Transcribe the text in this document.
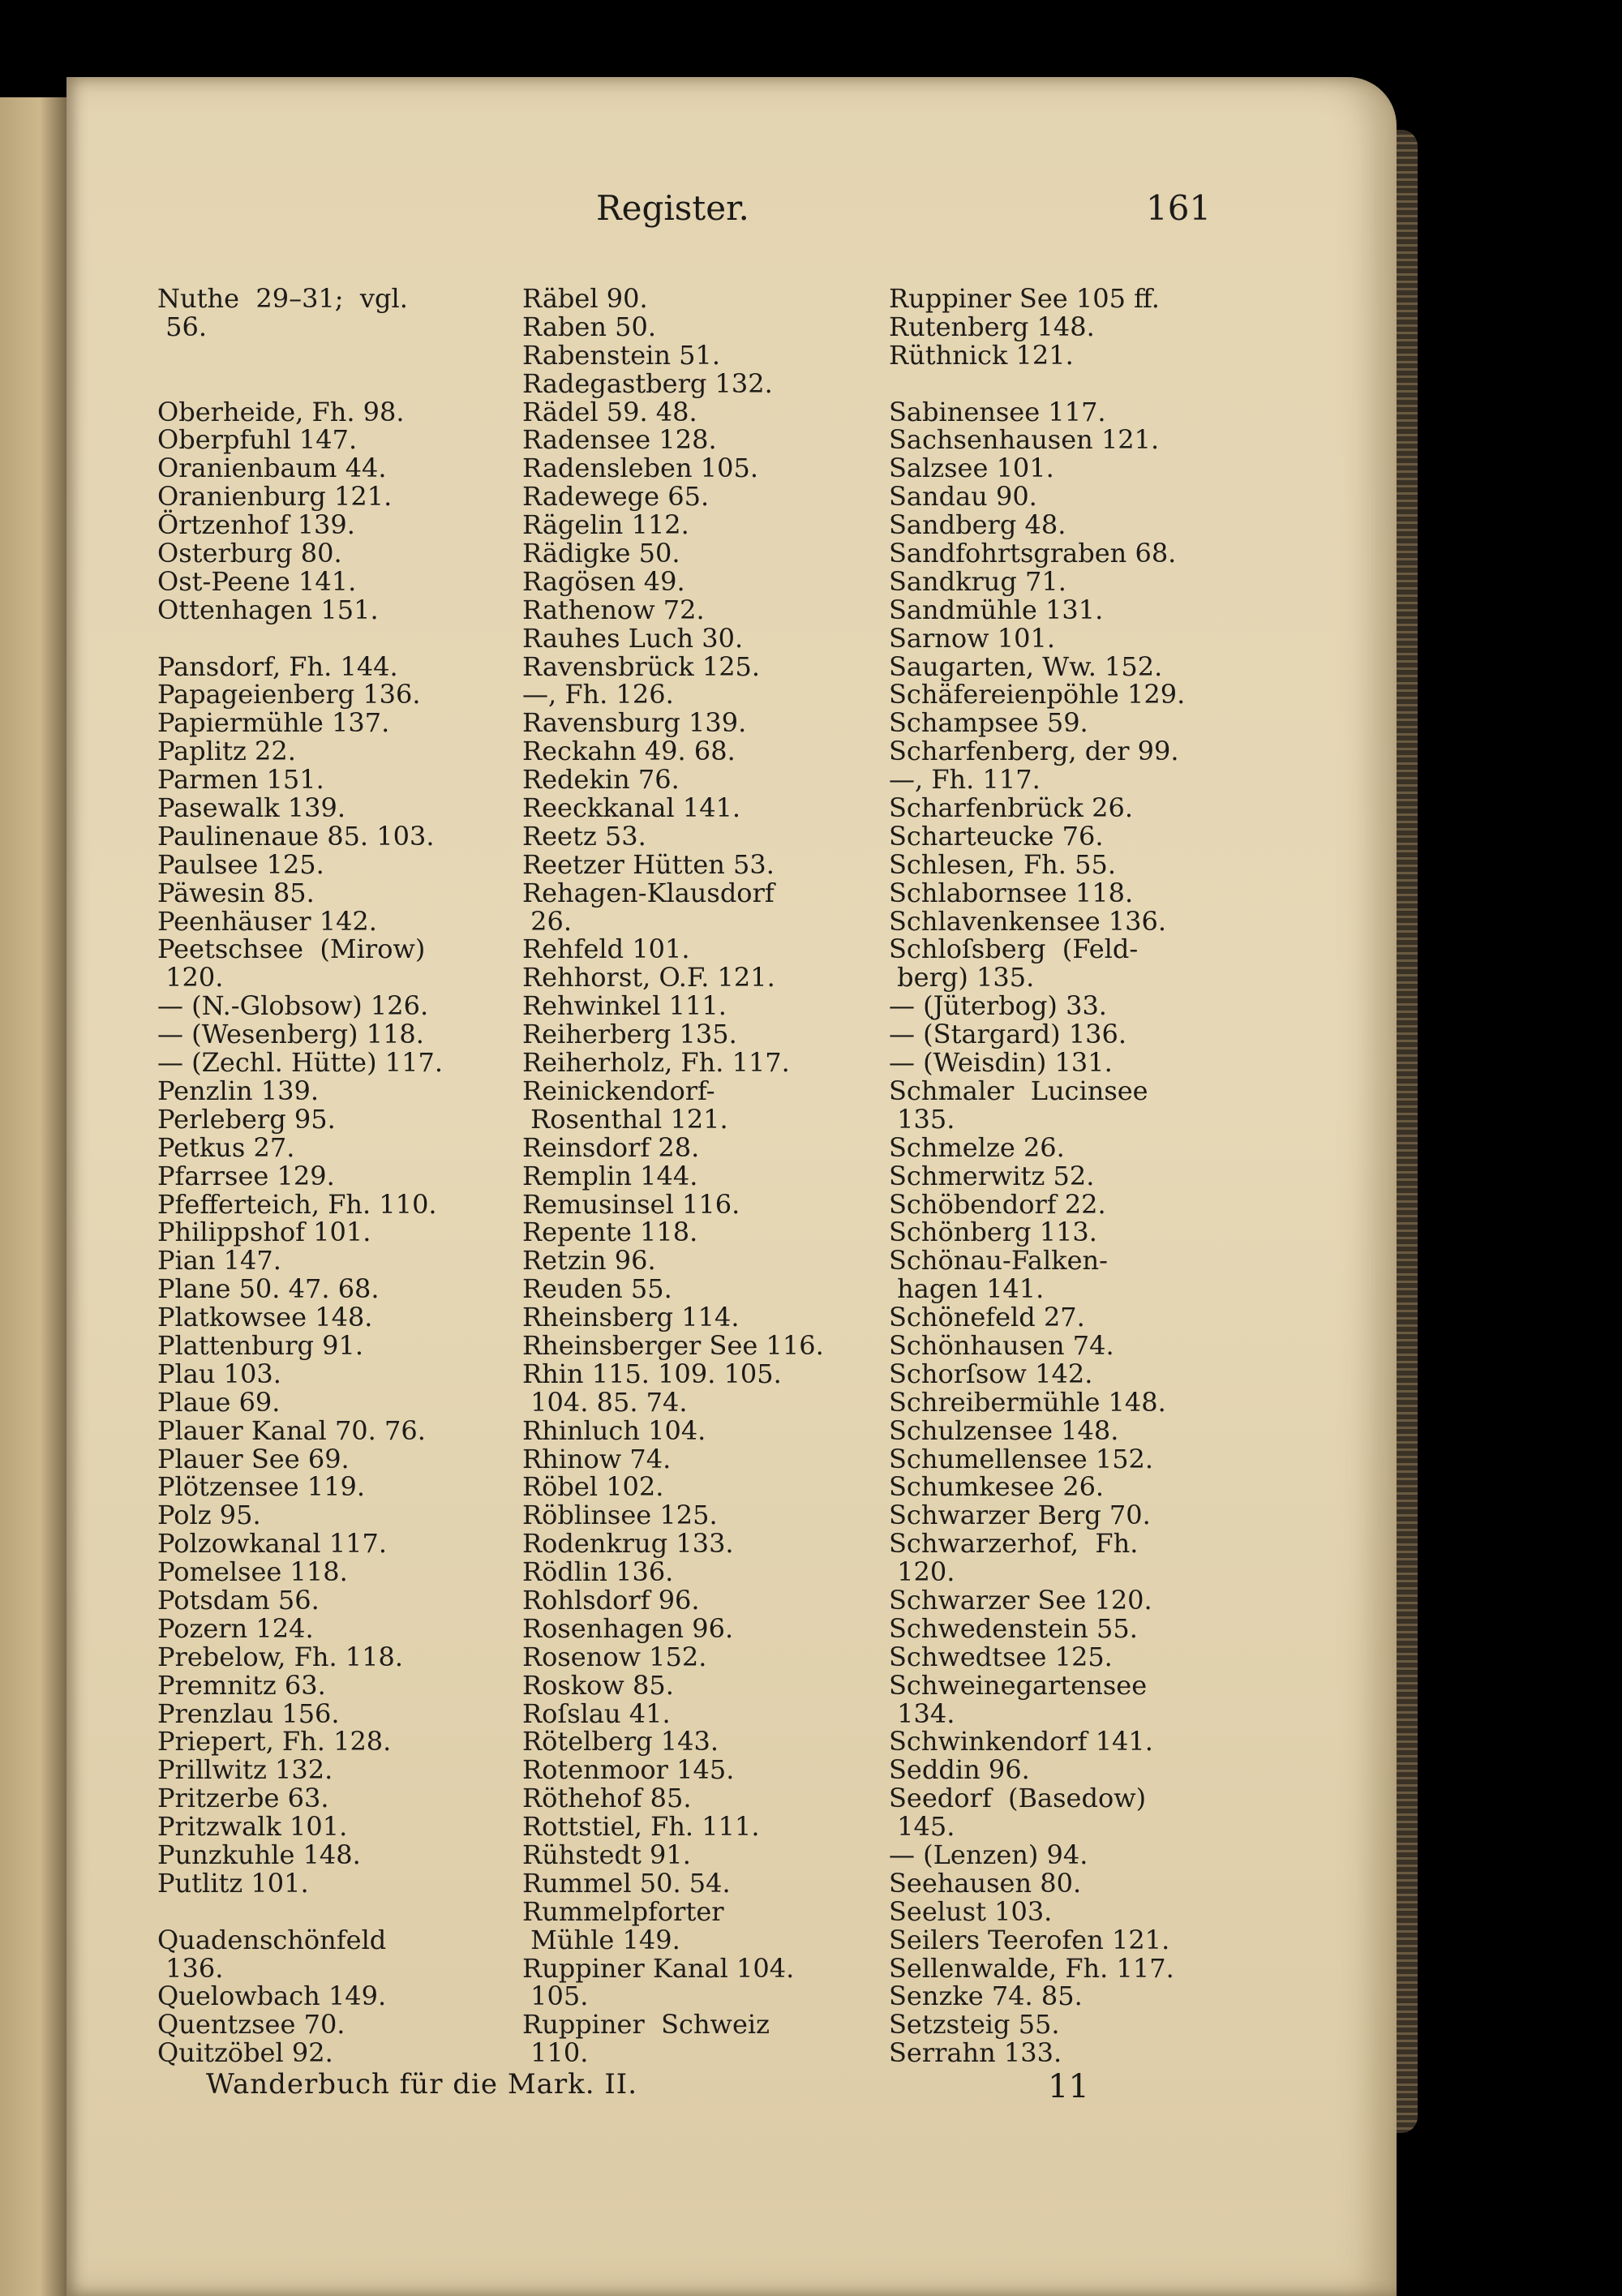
Register.	161
Nuthe  29–31;  vgl.
56.
Oberheide, Fh. 98.
Oberpfuhl 147.
Oranienbaum 44.
Oranienburg 121.
Örtzenhof 139.
Osterburg 80.
Ost-Peene 141.
Ottenhagen 151.
Pansdorf, Fh. 144.
Papageienberg 136.
Papiermühle 137.
Paplitz 22.
Parmen 151.
Pasewalk 139.
Paulinenaue 85. 103.
Paulsee 125.
Päwesin 85.
Peenhäuser 142.
Peetschsee  (Mirow)
120.
— (N.-Globsow) 126.
— (Wesenberg) 118.
— (Zechl. Hütte) 117.
Penzlin 139.
Perleberg 95.
Petkus 27.
Pfarrsee 129.
Pfefferteich, Fh. 110.
Philippshof 101.
Pian 147.
Plane 50. 47. 68.
Platkowsee 148.
Plattenburg 91.
Plau 103.
Plaue 69.
Plauer Kanal 70. 76.
Plauer See 69.
Plötzensee 119.
Polz 95.
Polzowkanal 117.
Pomelsee 118.
Potsdam 56.
Pozern 124.
Prebelow, Fh. 118.
Premnitz 63.
Prenzlau 156.
Priepert, Fh. 128.
Prillwitz 132.
Pritzerbe 63.
Pritzwalk 101.
Punzkuhle 148.
Putlitz 101.
Quadenschönfeld
136.
Quelowbach 149.
Quentzsee 70.
Quitzöbel 92.
Räbel 90.
Raben 50.
Rabenstein 51.
Radegastberg 132.
Rädel 59. 48.
Radensee 128.
Radensleben 105.
Radewege 65.
Rägelin 112.
Rädigke 50.
Ragösen 49.
Rathenow 72.
Rauhes Luch 30.
Ravensbrück 125.
—, Fh. 126.
Ravensburg 139.
Reckahn 49. 68.
Redekin 76.
Reeckkanal 141.
Reetz 53.
Reetzer Hütten 53.
Rehagen-Klausdorf
26.
Rehfeld 101.
Rehhorst, O.F. 121.
Rehwinkel 111.
Reiherberg 135.
Reiherholz, Fh. 117.
Reinickendorf-
Rosenthal 121.
Reinsdorf 28.
Remplin 144.
Remusinsel 116.
Repente 118.
Retzin 96.
Reuden 55.
Rheinsberg 114.
Rheinsberger See 116.
Rhin 115. 109. 105.
104. 85. 74.
Rhinluch 104.
Rhinow 74.
Röbel 102.
Röblinsee 125.
Rodenkrug 133.
Rödlin 136.
Rohlsdorf 96.
Rosenhagen 96.
Rosenow 152.
Roskow 85.
Roſslau 41.
Rötelberg 143.
Rotenmoor 145.
Röthehof 85.
Rottstiel, Fh. 111.
Rühstedt 91.
Rummel 50. 54.
Rummelpforter
Mühle 149.
Ruppiner Kanal 104.
105.
Ruppiner  Schweiz
110.
Ruppiner See 105 ff.
Rutenberg 148.
Rüthnick 121.
Sabinensee 117.
Sachsenhausen 121.
Salzsee 101.
Sandau 90.
Sandberg 48.
Sandfohrtsgraben 68.
Sandkrug 71.
Sandmühle 131.
Sarnow 101.
Saugarten, Ww. 152.
Schäfereienpöhle 129.
Schampsee 59.
Scharfenberg, der 99.
—, Fh. 117.
Scharfenbrück 26.
Scharteucke 76.
Schlesen, Fh. 55.
Schlabornsee 118.
Schlavenkensee 136.
Schloſsberg  (Feld-
berg) 135.
— (Jüterbog) 33.
— (Stargard) 136.
— (Weisdin) 131.
Schmaler  Lucinsee
135.
Schmelze 26.
Schmerwitz 52.
Schöbendorf 22.
Schönberg 113.
Schönau-Falken-
hagen 141.
Schönefeld 27.
Schönhausen 74.
Schorſsow 142.
Schreibermühle 148.
Schulzensee 148.
Schumellensee 152.
Schumkesee 26.
Schwarzer Berg 70.
Schwarzerhof,  Fh.
120.
Schwarzer See 120.
Schwedenstein 55.
Schwedtsee 125.
Schweinegartensee
134.
Schwinkendorf 141.
Seddin 96.
Seedorf  (Basedow)
145.
— (Lenzen) 94.
Seehausen 80.
Seelust 103.
Seilers Teerofen 121.
Sellenwalde, Fh. 117.
Senzke 74. 85.
Setzsteig 55.
Serrahn 133.
Wanderbuch für die Mark. II.	11
